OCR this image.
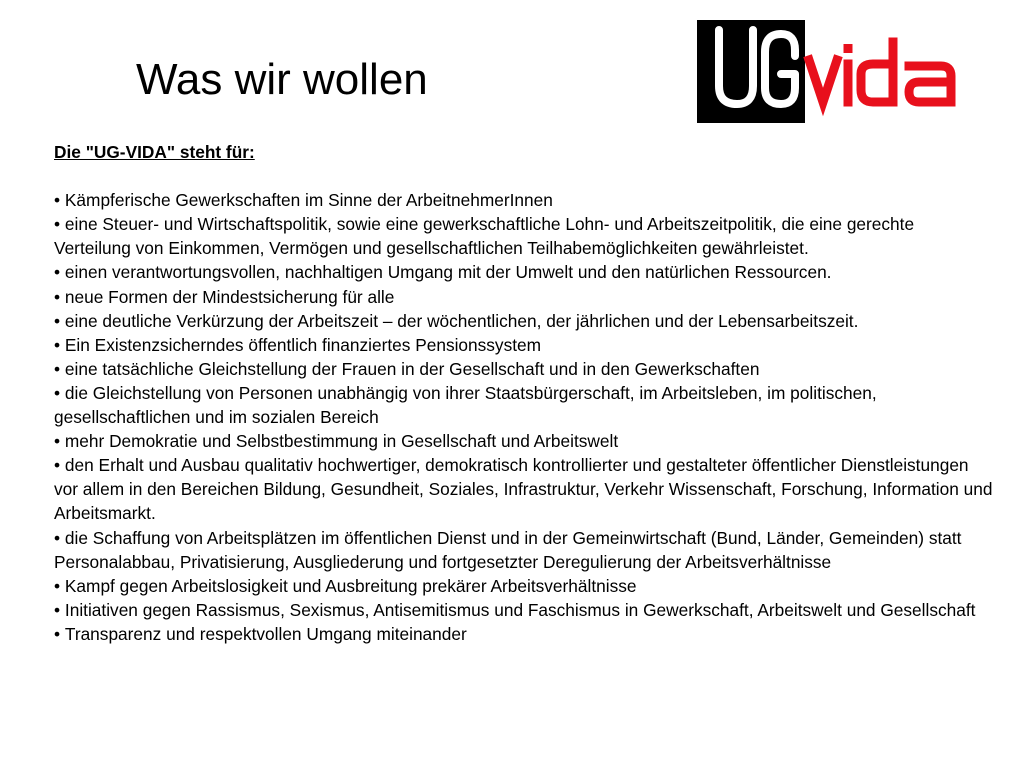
Was wir wollen

Die "UG-VIDA" steht für:

• Kämpferische Gewerkschaften im Sinne der ArbeitnehmerInnen
• eine Steuer- und Wirtschaftspolitik, sowie eine gewerkschaftliche Lohn- und Arbeitszeitpolitik, die eine gerechte Verteilung von Einkommen, Vermögen und gesellschaftlichen Teilhabemöglichkeiten gewährleistet.
• einen verantwortungsvollen, nachhaltigen Umgang mit der Umwelt und den natürlichen Ressourcen.
• neue Formen der Mindestsicherung für alle
• eine deutliche Verkürzung der Arbeitszeit – der wöchentlichen, der jährlichen und der Lebensarbeitszeit.
• Ein Existenzsicherndes öffentlich finanziertes Pensionssystem
• eine tatsächliche Gleichstellung der Frauen in der Gesellschaft und in den Gewerkschaften
• die Gleichstellung von Personen unabhängig von ihrer Staatsbürgerschaft, im Arbeitsleben, im politischen, gesellschaftlichen und im sozialen Bereich
• mehr Demokratie und Selbstbestimmung in Gesellschaft und Arbeitswelt
• den Erhalt und Ausbau qualitativ hochwertiger, demokratisch kontrollierter und gestalteter öffentlicher Dienstleistungen vor allem in den Bereichen Bildung, Gesundheit, Soziales, Infrastruktur, Verkehr Wissenschaft, Forschung, Information und Arbeitsmarkt.
• die Schaffung von Arbeitsplätzen im öffentlichen Dienst und in der Gemeinwirtschaft (Bund, Länder, Gemeinden) statt Personalabbau, Privatisierung, Ausgliederung und fortgesetzter Deregulierung der Arbeitsverhältnisse
• Kampf gegen Arbeitslosigkeit und Ausbreitung prekärer Arbeitsverhältnisse
• Initiativen gegen Rassismus, Sexismus, Antisemitismus und Faschismus in Gewerkschaft, Arbeitswelt und Gesellschaft
• Transparenz und respektvollen Umgang miteinander
